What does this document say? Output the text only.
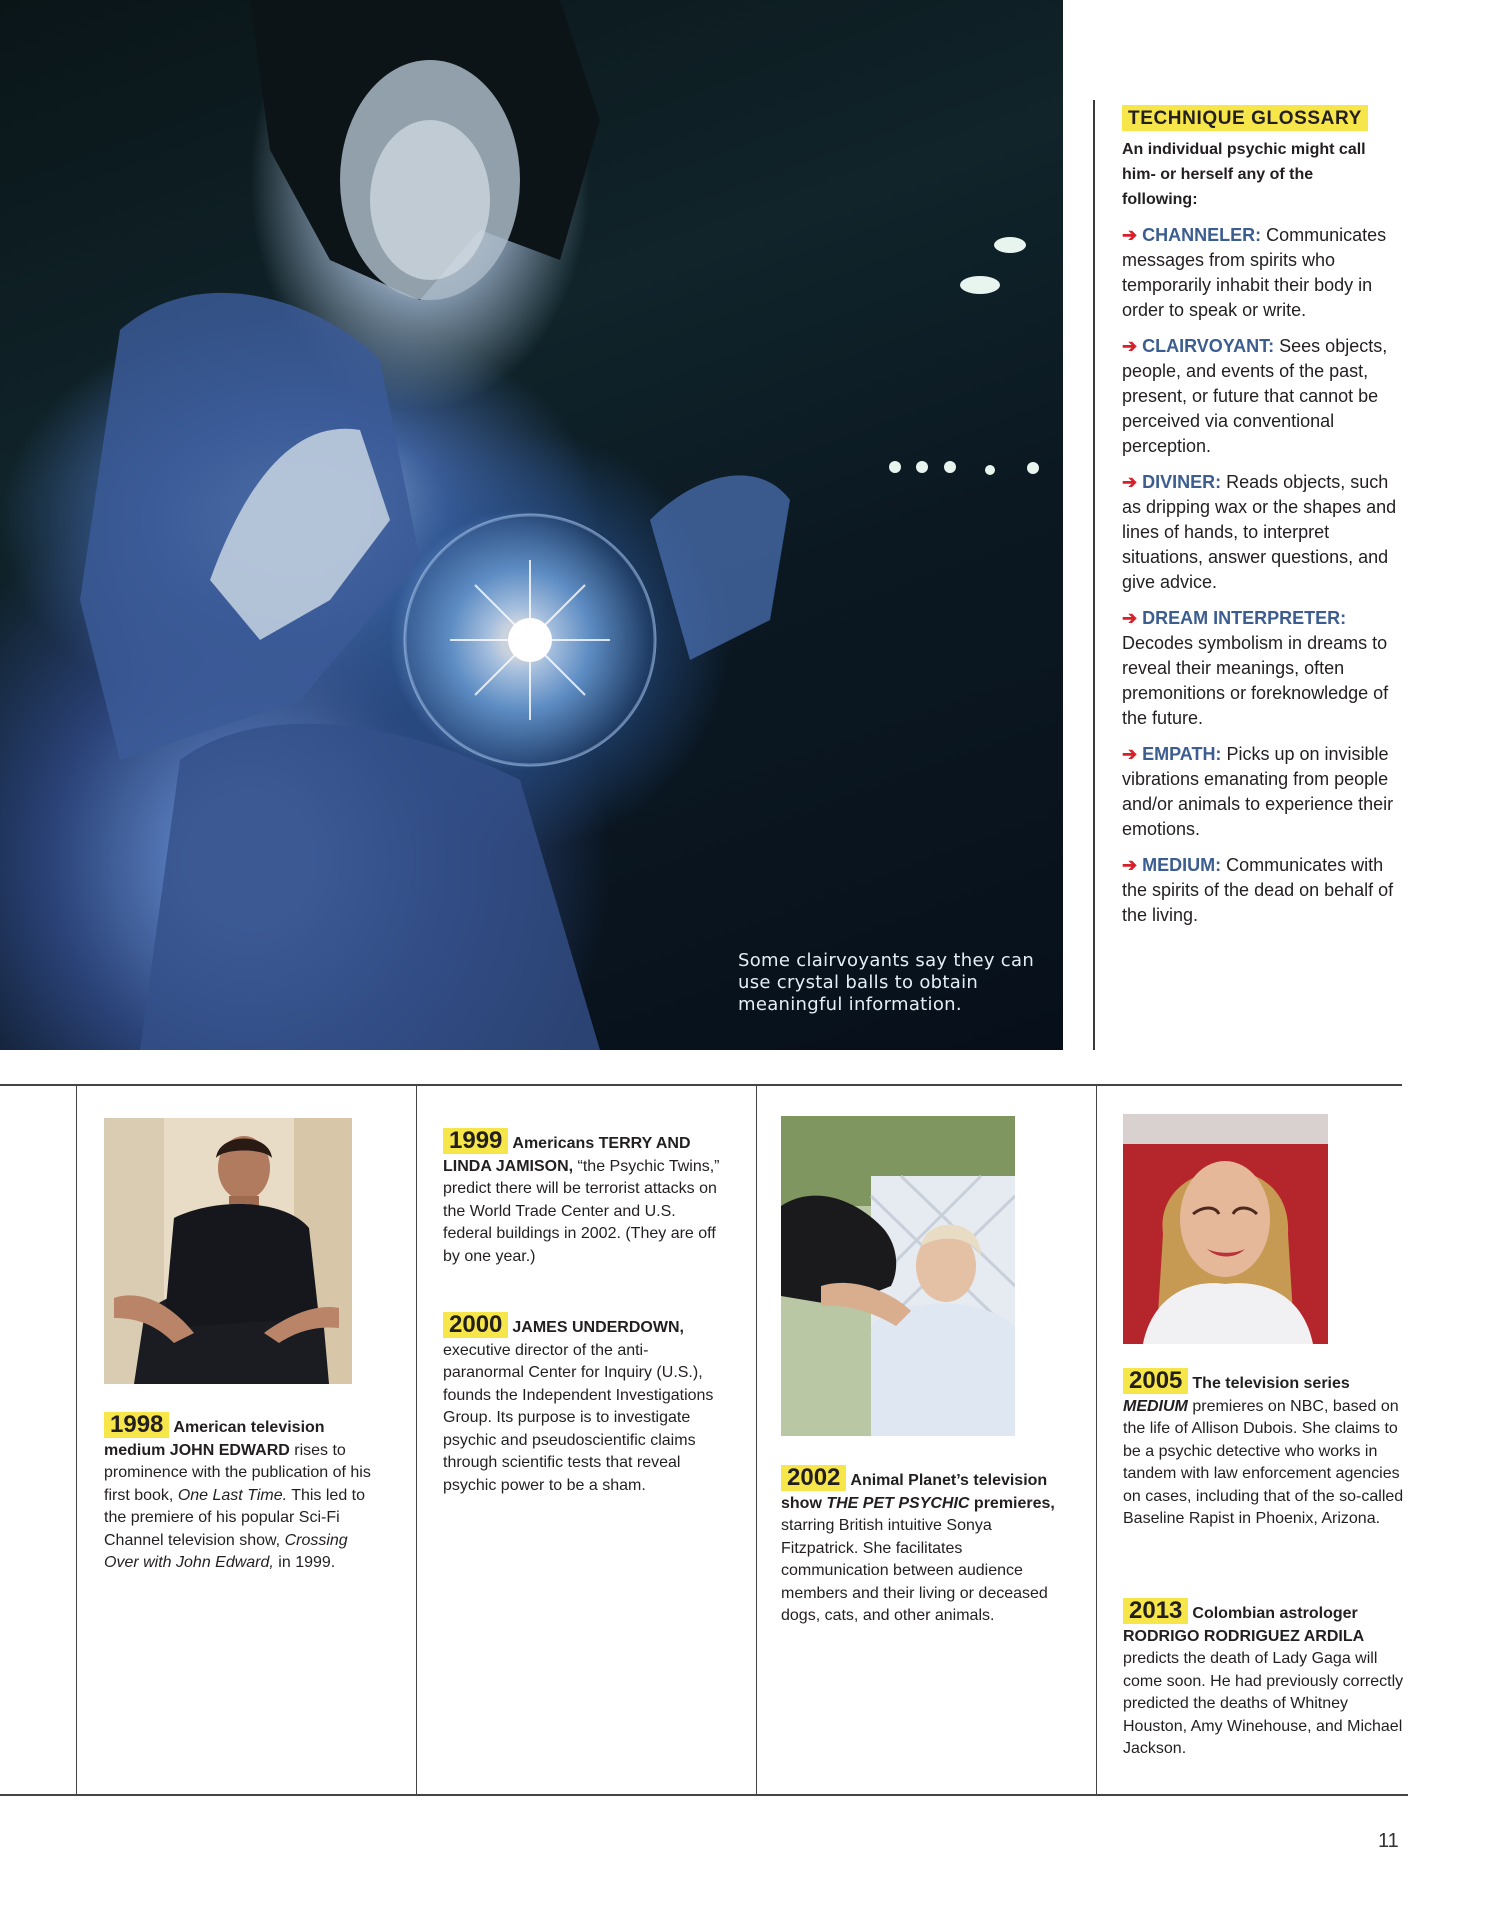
Some clairvoyants say they can use crystal balls to obtain meaningful information.
TECHNIQUE GLOSSARY
An individual psychic might call him- or herself any of the following:
➔ CHANNELER: Communicates messages from spirits who temporarily inhabit their body in order to speak or write.
➔ CLAIRVOYANT: Sees objects, people, and events of the past, present, or future that cannot be perceived via conventional perception.
➔ DIVINER: Reads objects, such as dripping wax or the shapes and lines of hands, to interpret situations, answer questions, and give advice.
➔ DREAM INTERPRETER: Decodes symbolism in dreams to reveal their meanings, often premonitions or foreknowledge of the future.
➔ EMPATH: Picks up on invisible vibrations emanating from people and/or animals to experience their emotions.
➔ MEDIUM: Communicates with the spirits of the dead on behalf of the living.
1998 American television medium JOHN EDWARD rises to prominence with the publication of his first book, One Last Time. This led to the premiere of his popular Sci-Fi Channel television show, Crossing Over with John Edward, in 1999.
1999 Americans TERRY AND LINDA JAMISON, “the Psychic Twins,” predict there will be terrorist attacks on the World Trade Center and U.S. federal buildings in 2002. (They are off by one year.)
2000 JAMES UNDERDOWN, executive director of the anti-paranormal Center for Inquiry (U.S.), founds the Independent Investigations Group. Its purpose is to investigate psychic and pseudoscientific claims through scientific tests that reveal psychic power to be a sham.	2002 Animal Planet’s television show THE PET PSYCHIC premieres, starring British intuitive Sonya Fitzpatrick. She facilitates communication between audience members and their living or deceased dogs, cats, and other animals.
2005 The television series MEDIUM premieres on NBC, based on the life of Allison Dubois. She claims to be a psychic detective who works in tandem with law enforcement agencies on cases, including that of the so-called Baseline Rapist in Phoenix, Arizona.
2013 Colombian astrologer RODRIGO RODRIGUEZ ARDILA predicts the death of Lady Gaga will come soon. He had previously correctly predicted the deaths of Whitney Houston, Amy Winehouse, and Michael Jackson.
11
